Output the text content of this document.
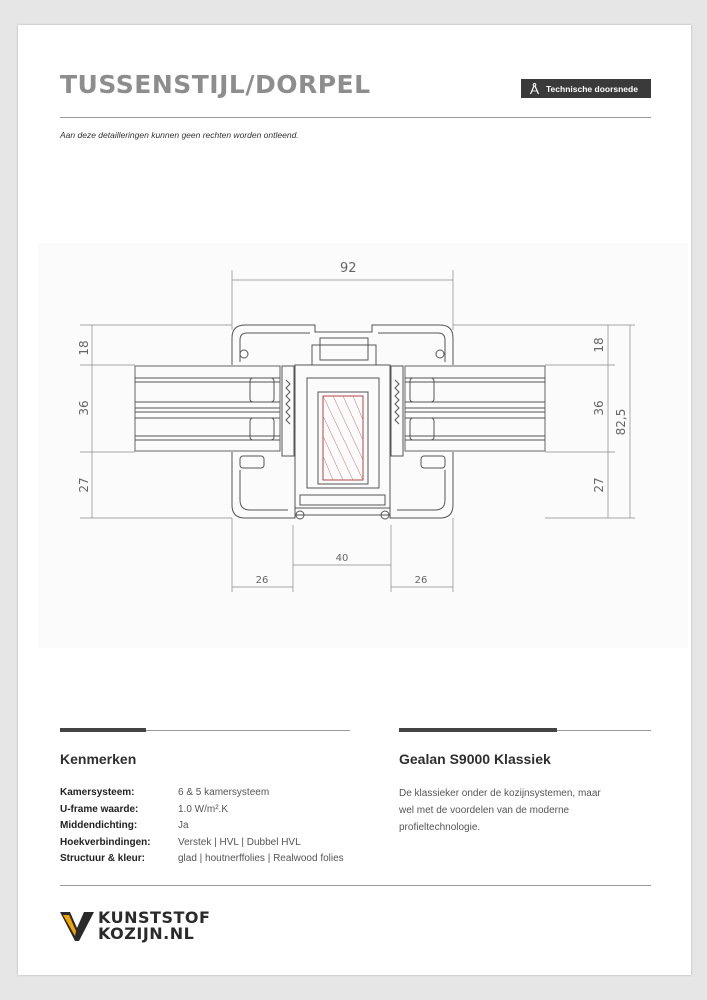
TUSSENSTIJL/DORPEL	Technische doorsnede
Aan deze detailleringen kunnen geen rechten worden ontleend.
92
18
36
27
18
36
27
82,5
40
26	26
Kenmerken	Gealan S9000 Klassiek
Kamersysteem:	6 & 5 kamersysteem
U-frame waarde:	1.0 W/m².K
Middendichting:	Ja
Hoekverbindingen:	Verstek | HVL | Dubbel HVL
Structuur & kleur:	glad | houtnerffolies | Realwood folies
De klassieker onder de kozijnsystemen, maar wel met de voordelen van de moderne profieltechnologie.
KUNSTSTOF
KOZIJN.NL
